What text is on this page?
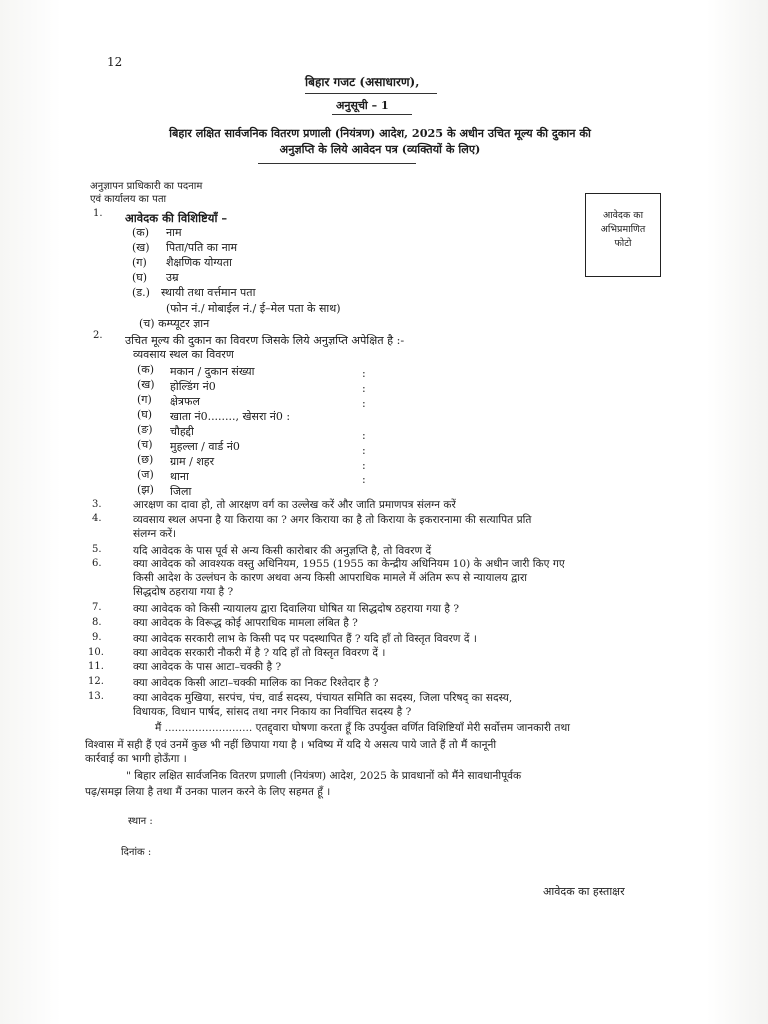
12
बिहार गजट (असाधारण),
अनुसूची – 1
बिहार लक्षित सार्वजनिक वितरण प्रणाली (नियंत्रण) आदेश, 2025 के अधीन उचित मूल्य की दुकान की
अनुज्ञप्ति के लिये आवेदन पत्र (व्यक्तियों के लिए)
अनुज्ञापन प्राधिकारी का पदनाम
एवं कार्यालय का पता
आवेदक का
अभिप्रमाणित
फोटो
1. आवेदक की विशिष्टियाँ –
(क) नाम
(ख) पिता/पति का नाम
(ग) शैक्षणिक योग्यता
(घ) उम्र
(ड.) स्थायी तथा वर्त्तमान पता
(फोन नं./ मोबाईल नं./ ई–मेल पता के साथ)
(च) कम्प्यूटर ज्ञान
2. उचित मूल्य की दुकान का विवरण जिसके लिये अनुज्ञप्ति अपेक्षित है :-
व्यवसाय स्थल का विवरण
(क) मकान / दुकान संख्या	:
(ख) होल्डिंग नं0	:
(ग) क्षेत्रफल	:
(घ) खाता नं0........, खेसरा नं0 :
(ङ) चौहद्दी	:
(च) मुहल्ला / वार्ड नं0	:
(छ) ग्राम / शहर	:
(ज) थाना	:
(झ) जिला
3.	आरक्षण का दावा हो, तो आरक्षण वर्ग का उल्लेख करें और जाति प्रमाणपत्र संलग्न करें
4.	व्यवसाय स्थल अपना है या किराया का ? अगर किराया का है तो किराया के इकरारनामा की सत्यापित प्रति
संलग्न करें।
5.	यदि आवेदक के पास पूर्व से अन्य किसी कारोबार की अनुज्ञप्ति है, तो विवरण दें
6.	क्या आवेदक को आवश्यक वस्तु अधिनियम, 1955 (1955 का केन्द्रीय अधिनियम 10) के अधीन जारी किए गए
किसी आदेश के उल्लंघन के कारण अथवा अन्य किसी आपराधिक मामले में अंतिम रूप से न्यायालय द्वारा
सिद्धदोष ठहराया गया है ?
7.	क्या आवेदक को किसी न्यायालय द्वारा दिवालिया घोषित या सिद्धदोष ठहराया गया है ?
8.	क्या आवेदक के विरूद्ध कोई आपराधिक मामला लंबित है ?
9.	क्या आवेदक सरकारी लाभ के किसी पद पर पदस्थापित हैं ? यदि हाँ तो विस्तृत विवरण दें ।
10.	क्या आवेदक सरकारी नौकरी में है ? यदि हाँ तो विस्तृत विवरण दें ।
11.	क्या आवेदक के पास आटा–चक्की है ?
12.	क्या आवेदक किसी आटा–चक्की मालिक का निकट रिश्तेदार है ?
13.	क्या आवेदक मुखिया, सरपंच, पंच, वार्ड सदस्य, पंचायत समिति का सदस्य, जिला परिषद् का सदस्य,
विधायक, विधान पार्षद, सांसद तथा नगर निकाय का निर्वाचित सदस्य है ?
मैं .......................... एतद्द्वारा घोषणा करता हूँ कि उपर्युक्त वर्णित विशिष्टियाँ मेरी सर्वोत्तम जानकारी तथा
विश्वास में सही हैं एवं उनमें कुछ भी नहीं छिपाया गया है । भविष्य में यदि ये असत्य पाये जाते हैं तो मैं कानूनी
कार्रवाई का भागी होऊँगा ।
" बिहार लक्षित सार्वजनिक वितरण प्रणाली (नियंत्रण) आदेश, 2025 के प्रावधानों को मैंने सावधानीपूर्वक
पढ़/समझ लिया है तथा मैं उनका पालन करने के लिए सहमत हूँ ।
स्थान :
दिनांक :
आवेदक का हस्ताक्षर
